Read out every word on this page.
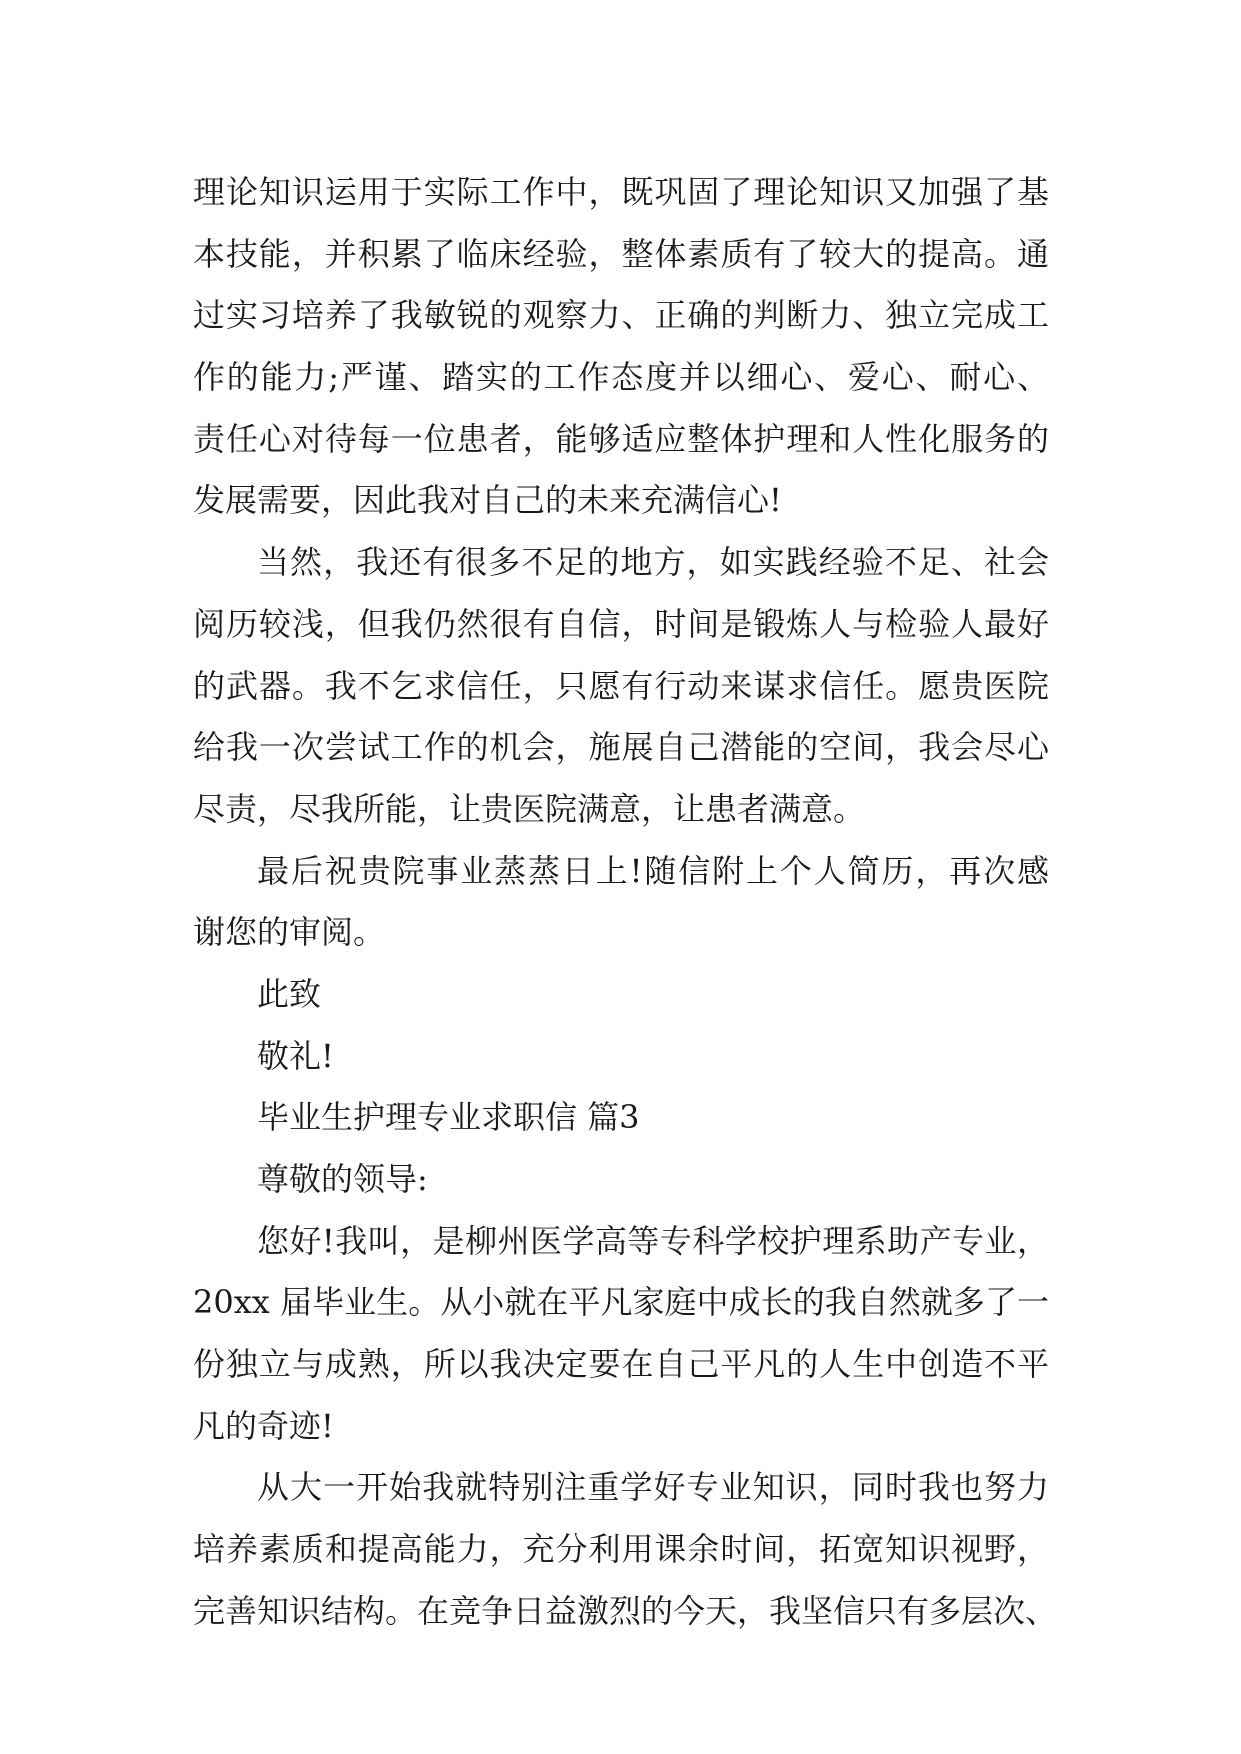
理论知识运用于实际工作中，既巩固了理论知识又加强了基
本技能，并积累了临床经验，整体素质有了较大的提高。通
过实习培养了我敏锐的观察力、正确的判断力、独立完成工
作的能力;严谨、踏实的工作态度并以细心、爱心、耐心、
责任心对待每一位患者，能够适应整体护理和人性化服务的
发展需要，因此我对自己的未来充满信心!
当然，我还有很多不足的地方，如实践经验不足、社会
阅历较浅，但我仍然很有自信，时间是锻炼人与检验人最好
的武器。我不乞求信任，只愿有行动来谋求信任。愿贵医院
给我一次尝试工作的机会，施展自己潜能的空间，我会尽心
尽责，尽我所能，让贵医院满意，让患者满意。
最后祝贵院事业蒸蒸日上!随信附上个人简历，再次感
谢您的审阅。
此致
敬礼!
毕业生护理专业求职信 篇3
尊敬的领导:
您好!我叫，是柳州医学高等专科学校护理系助产专业，
20xx 届毕业生。从小就在平凡家庭中成长的我自然就多了一
份独立与成熟，所以我决定要在自己平凡的人生中创造不平
凡的奇迹!
从大一开始我就特别注重学好专业知识，同时我也努力
培养素质和提高能力，充分利用课余时间，拓宽知识视野，
完善知识结构。在竞争日益激烈的今天，我坚信只有多层次、
